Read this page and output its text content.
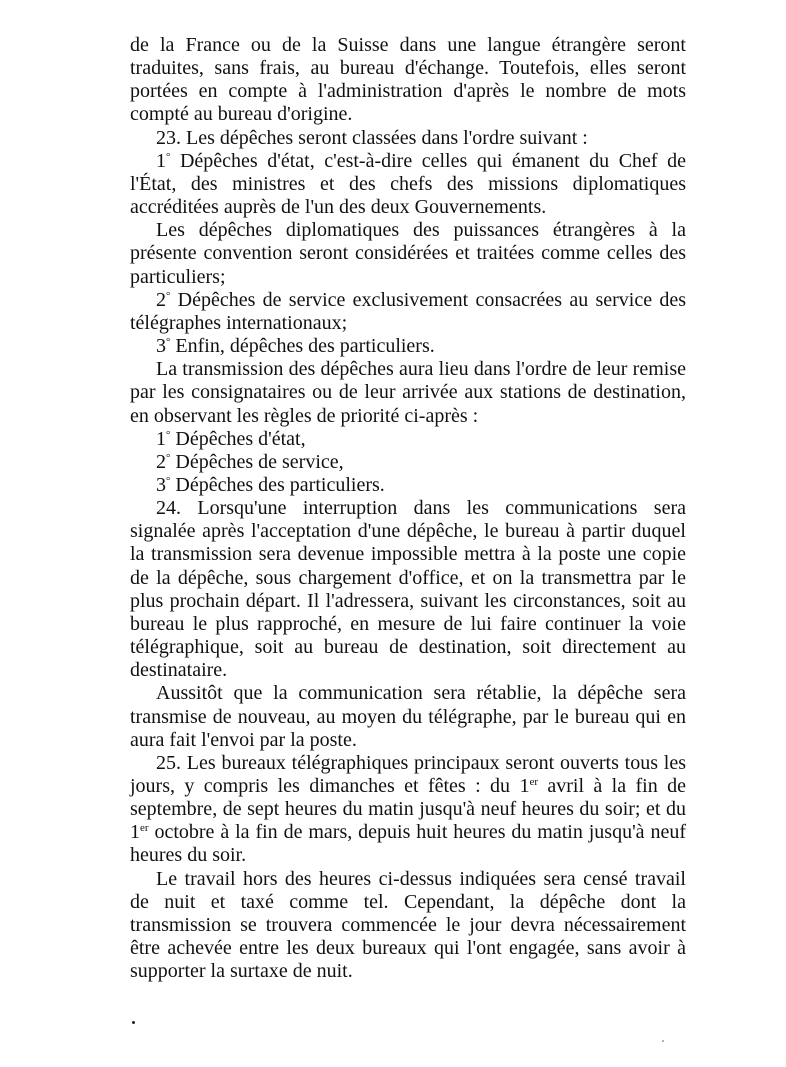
de la France ou de la Suisse dans une langue étrangère seront traduites, sans frais, au bureau d'échange. Toutefois, elles seront portées en compte à l'administration d'après le nombre de mots compté au bureau d'origine.

23. Les dépêches seront classées dans l'ordre suivant :

1° Dépêches d'état, c'est-à-dire celles qui émanent du Chef de l'État, des ministres et des chefs des missions diplomatiques accréditées auprès de l'un des deux Gouvernements.

Les dépêches diplomatiques des puissances étrangères à la présente convention seront considérées et traitées comme celles des particuliers;

2° Dépêches de service exclusivement consacrées au service des télégraphes internationaux;

3° Enfin, dépêches des particuliers.

La transmission des dépêches aura lieu dans l'ordre de leur remise par les consignataires ou de leur arrivée aux stations de destination, en observant les règles de priorité ci-après :

1° Dépêches d'état,

2° Dépêches de service,

3° Dépêches des particuliers.

24. Lorsqu'une interruption dans les communications sera signalée après l'acceptation d'une dépêche, le bureau à partir duquel la transmission sera devenue impossible mettra à la poste une copie de la dépêche, sous chargement d'office, et on la transmettra par le plus prochain départ. Il l'adressera, suivant les circonstances, soit au bureau le plus rapproché, en mesure de lui faire continuer la voie télégraphique, soit au bureau de destination, soit directement au destinataire.

Aussitôt que la communication sera rétablie, la dépêche sera transmise de nouveau, au moyen du télégraphe, par le bureau qui en aura fait l'envoi par la poste.

25. Les bureaux télégraphiques principaux seront ouverts tous les jours, y compris les dimanches et fêtes : du 1er avril à la fin de septembre, de sept heures du matin jusqu'à neuf heures du soir; et du 1er octobre à la fin de mars, depuis huit heures du matin jusqu'à neuf heures du soir.

Le travail hors des heures ci-dessus indiquées sera censé travail de nuit et taxé comme tel. Cependant, la dépêche dont la transmission se trouvera commencée le jour devra nécessairement être achevée entre les deux bureaux qui l'ont engagée, sans avoir à supporter la surtaxe de nuit.
